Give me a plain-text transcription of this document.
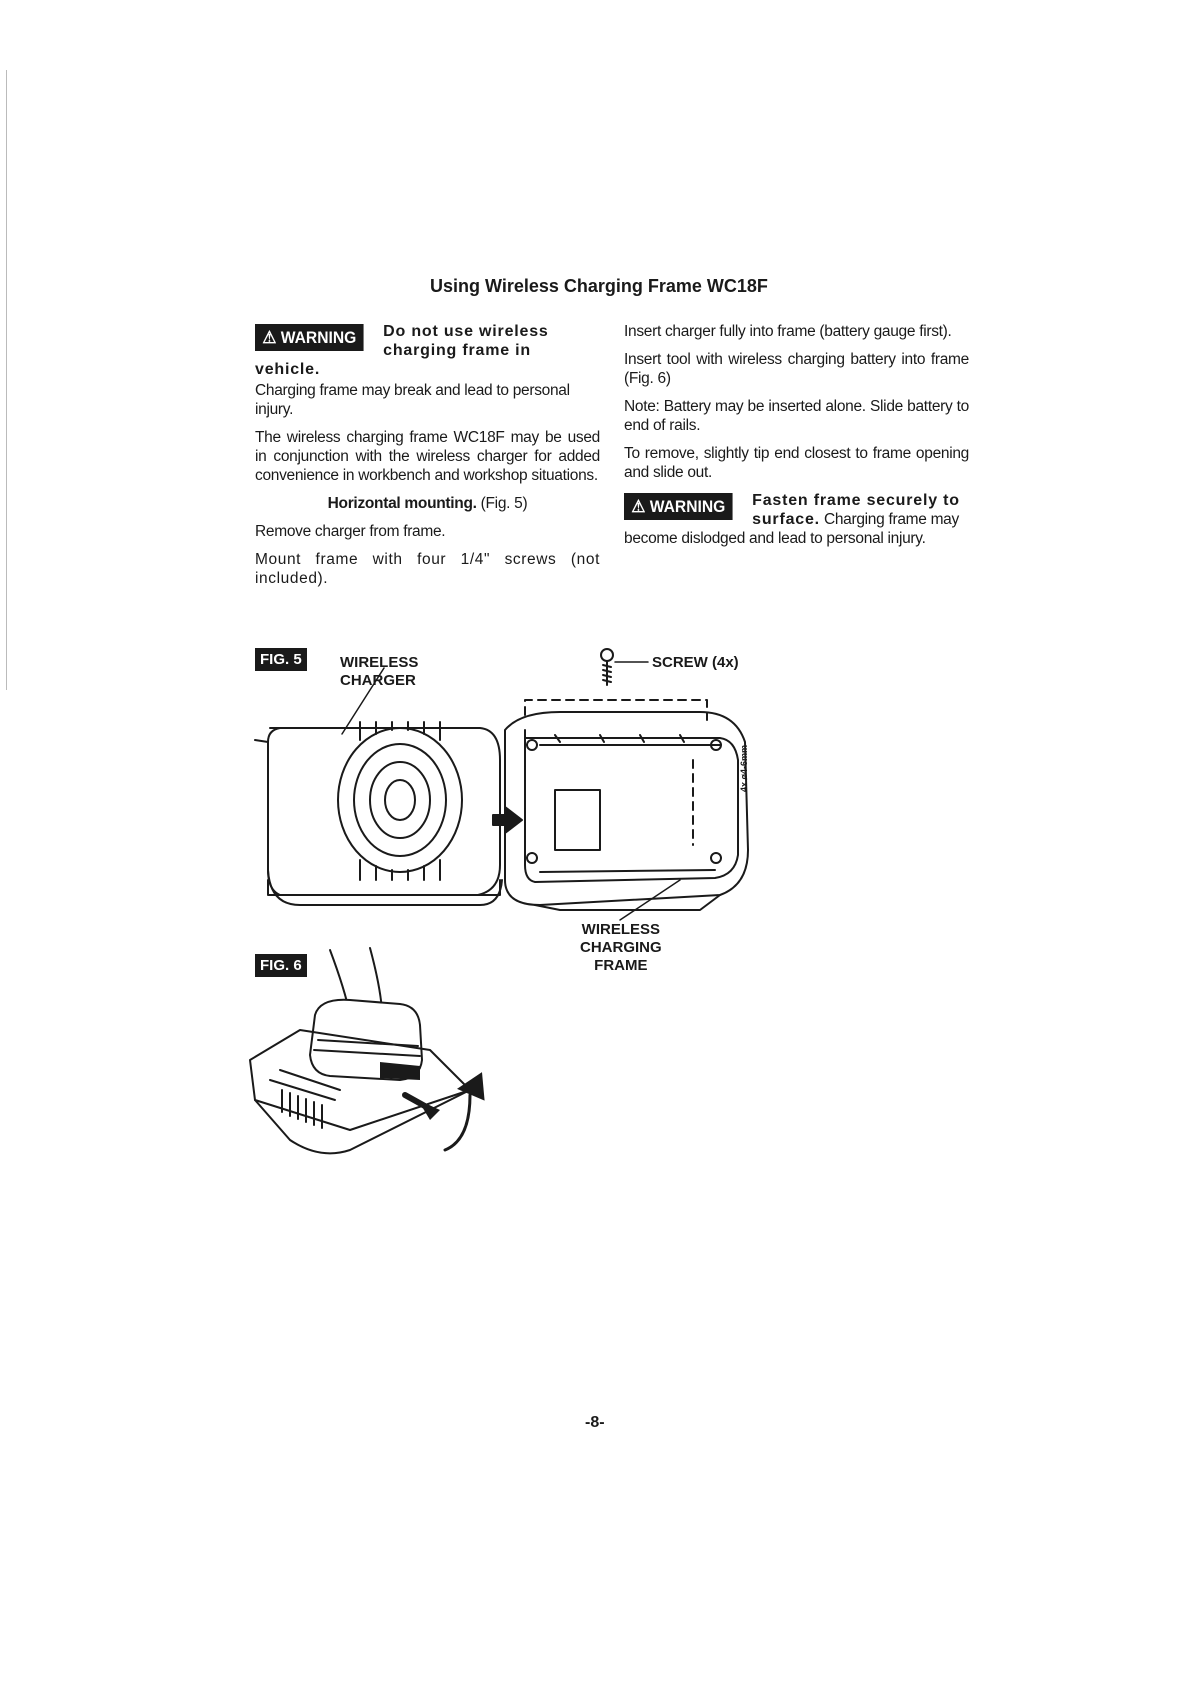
Using Wireless Charging Frame WC18F
⚠ WARNING	Do not use wireless charging frame in vehicle.

Charging frame may break and lead to personal injury.

The wireless charging frame WC18F may be used in conjunction with the wireless charger for added convenience in workbench and workshop situations.

Horizontal mounting. (Fig. 5)

Remove charger from frame.

Mount frame with four 1/4" screws (not included).

Insert charger fully into frame (battery gauge first).

Insert tool with wireless charging battery into frame (Fig. 6)

Note: Battery may be inserted alone. Slide battery to end of rails.

To remove, slightly tip end closest to frame opening and slide out.

⚠ WARNING	Fasten frame securely to surface. Charging frame may become dislodged and lead to personal injury.
FIG. 5	WIRELESS
CHARGER
SCREW (4x)
WIRELESS
CHARGING
FRAME
4x ø4-6mm
FIG. 6
-8-
